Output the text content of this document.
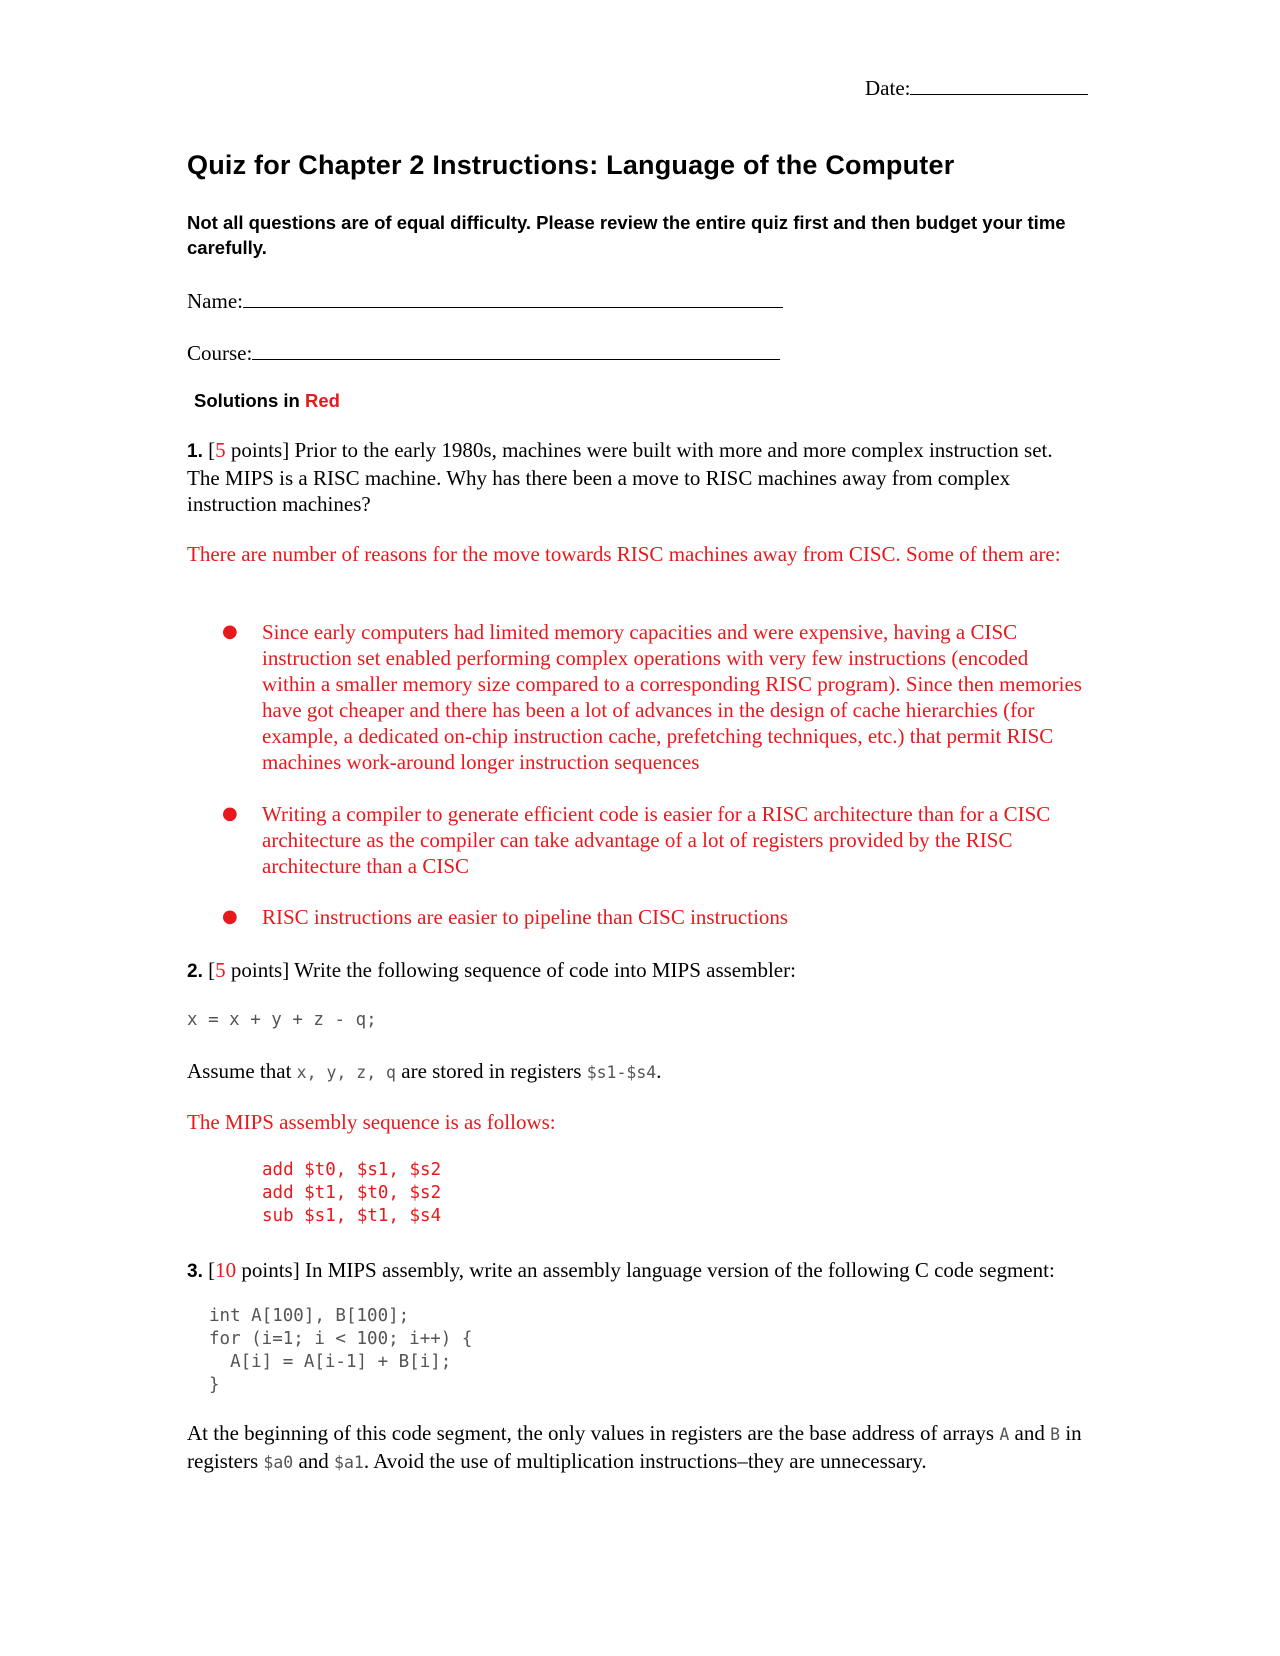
Date:
Quiz for Chapter 2 Instructions: Language of the Computer
Not all questions are of equal difficulty. Please review the entire quiz first and then budget your time carefully.
Name:
Course:
Solutions in Red
1. [5 points] Prior to the early 1980s, machines were built with more and more complex instruction set. The MIPS is a RISC machine. Why has there been a move to RISC machines away from complex instruction machines?
There are number of reasons for the move towards RISC machines away from CISC. Some of them are:
● Since early computers had limited memory capacities and were expensive, having a CISC instruction set enabled performing complex operations with very few instructions (encoded within a smaller memory size compared to a corresponding RISC program). Since then memories have got cheaper and there has been a lot of advances in the design of cache hierarchies (for example, a dedicated on-chip instruction cache, prefetching techniques, etc.) that permit RISC machines work-around longer instruction sequences
● Writing a compiler to generate efficient code is easier for a RISC architecture than for a CISC architecture as the compiler can take advantage of a lot of registers provided by the RISC architecture than a CISC
● RISC instructions are easier to pipeline than CISC instructions
2. [5 points] Write the following sequence of code into MIPS assembler:
x = x + y + z - q;
Assume that x, y, z, q are stored in registers $s1-$s4.
The MIPS assembly sequence is as follows:
add $t0, $s1, $s2
add $t1, $t0, $s2
sub $s1, $t1, $s4
3. [10 points] In MIPS assembly, write an assembly language version of the following C code segment:
int A[100], B[100];
for (i=1; i < 100; i++) {
A[i] = A[i-1] + B[i];
}
At the beginning of this code segment, the only values in registers are the base address of arrays A and B in registers $a0 and $a1. Avoid the use of multiplication instructions–they are unnecessary.
